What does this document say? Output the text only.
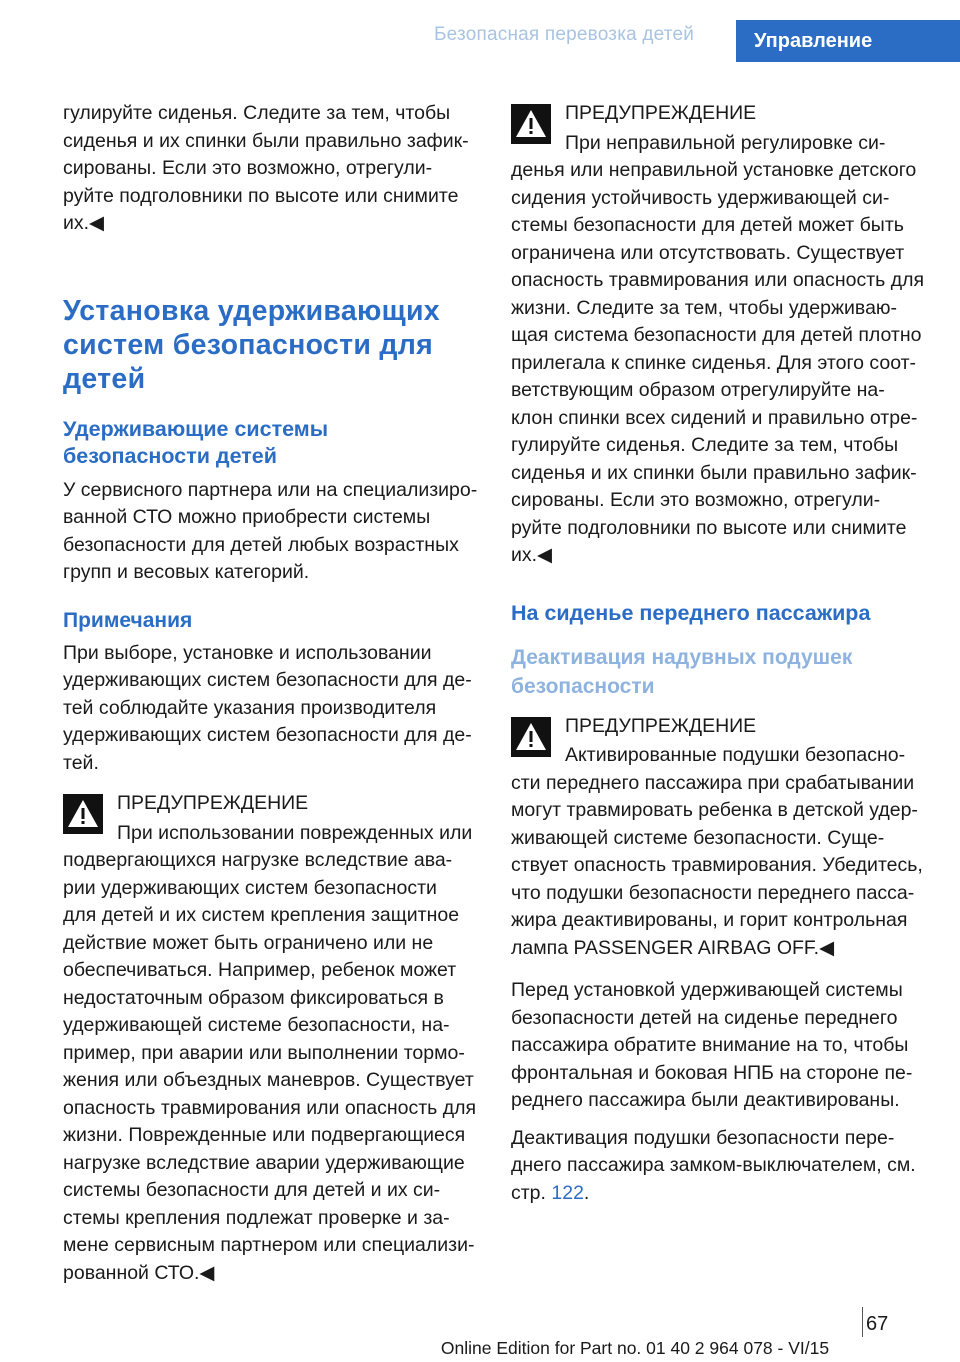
Безопасная перевозка детей	Управление

гулируйте сиденья. Следите за тем, чтобы
сиденья и их спинки были правильно зафик-
сированы. Если это возможно, отрегули-
руйте подголовники по высоте или снимите
их.◀

Установка удерживающих
систем безопасности для
детей
Удерживающие системы
безопасности детей

У сервисного партнера или на специализиро-
ванной СТО можно приобрести системы
безопасности для детей любых возрастных
групп и весовых категорий.

Примечания

При выборе, установке и использовании
удерживающих систем безопасности для де-
тей соблюдайте указания производителя
удерживающих систем безопасности для де-
тей.

ПРЕДУПРЕЖДЕНИЕ

При использовании поврежденных или

подвергающихся нагрузке вследствие ава-
рии удерживающих систем безопасности
для детей и их систем крепления защитное
действие может быть ограничено или не
обеспечиваться. Например, ребенок может
недостаточным образом фиксироваться в
удерживающей системе безопасности, на-
пример, при аварии или выполнении тормо-
жения или объездных маневров. Существует
опасность травмирования или опасность для
жизни. Поврежденные или подвергающиеся
нагрузке вследствие аварии удерживающие
системы безопасности для детей и их си-
стемы крепления подлежат проверке и за-
мене сервисным партнером или специализи-
рованной СТО.◀

ПРЕДУПРЕЖДЕНИЕ

При неправильной регулировке си-

денья или неправильной установке детского
сидения устойчивость удерживающей си-
стемы безопасности для детей может быть
ограничена или отсутствовать. Существует
опасность травмирования или опасность для
жизни. Следите за тем, чтобы удерживаю-
щая система безопасности для детей плотно
прилегала к спинке сиденья. Для этого соот-
ветствующим образом отрегулируйте на-
клон спинки всех сидений и правильно отре-
гулируйте сиденья. Следите за тем, чтобы
сиденья и их спинки были правильно зафик-
сированы. Если это возможно, отрегули-
руйте подголовники по высоте или снимите
их.◀

На сиденье переднего пассажира
Деактивация надувных подушек
безопасности

ПРЕДУПРЕЖДЕНИЕ

Активированные подушки безопасно-

сти переднего пассажира при срабатывании
могут травмировать ребенка в детской удер-
живающей системе безопасности. Суще-
ствует опасность травмирования. Убедитесь,
что подушки безопасности переднего пасса-
жира деактивированы, и горит контрольная
лампа PASSENGER AIRBAG OFF.◀

Перед установкой удерживающей системы
безопасности детей на сиденье переднего
пассажира обратите внимание на то, чтобы
фронтальная и боковая НПБ на стороне пе-
реднего пассажира были деактивированы.

Деактивация подушки безопасности пере-
днего пассажира замком-выключателем, см.
стр. 122.

67
Online Edition for Part no. 01 40 2 964 078 - VI/15
